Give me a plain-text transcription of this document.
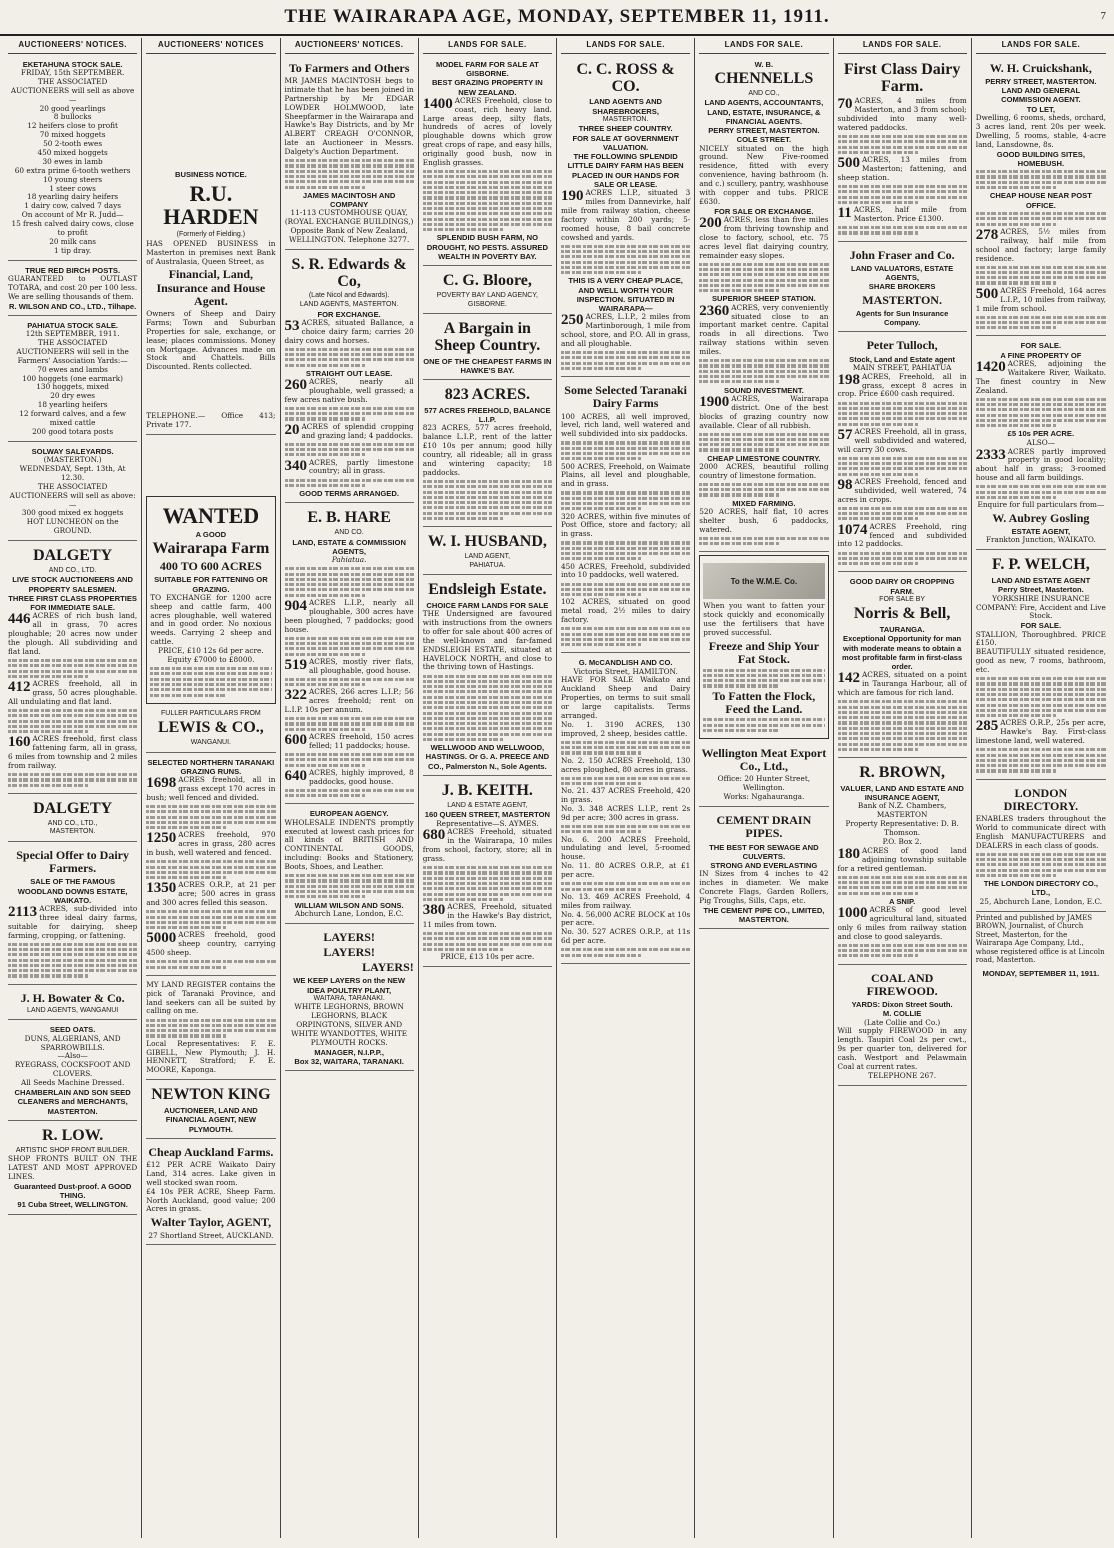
THE WAIRARAPA AGE, MONDAY, SEPTEMBER 11, 1911.	7
AUCTIONEERS' NOTICES.
EKETAHUNA STOCK SALE.
FRIDAY, 15th SEPTEMBER.
THE ASSOCIATED AUCTIONEERS will sell as above—
20 good yearlings
8 bullocks
12 heifers close to profit
70 mixed hoggets
50 2-tooth ewes
450 mixed hoggets
30 ewes in lamb
60 extra prime 6-tooth wethers
10 young steers
1 steer cows
18 yearling dairy heifers
1 dairy cow, calved 7 days
On account of Mr R. Judd—
15 fresh calved dairy cows, close to profit
20 milk cans
1 tip dray.
TRUE RED BIRCH POSTS.
GUARANTEED to OUTLAST TOTARA, and cost 20 per 100 less. We are selling thousands of them.
R. WILSON AND CO., LTD., Tilhape.
PAHIATUA STOCK SALE.
12th SEPTEMBER, 1911.
THE ASSOCIATED AUCTIONEERS will sell in the Farmers' Association Yards:—
70 ewes and lambs
100 hoggets (one earmark)
130 hoggets, mixed
20 dry ewes
18 yearling heifers
12 forward calves, and a few mixed cattle
200 good totara posts
SOLWAY SALEYARDS.
(MASTERTON.)
WEDNESDAY, Sept. 13th, At 12.30.
THE ASSOCIATED AUCTIONEERS will sell as above:—
300 good mixed ex hoggets
HOT LUNCHEON on the GROUND.
DALGETY
AND CO., LTD.
LIVE STOCK AUCTIONEERS AND PROPERTY SALESMEN.
THREE FIRST CLASS PROPERTIES FOR IMMEDIATE SALE.
446 ACRES of rich bush land, all in grass, 70 acres ploughable; 20 acres now under the plough. All subdividing and flat land.
412 ACRES freehold, all in grass, 50 acres ploughable. All undulating and flat land.
160 ACRES freehold, first class fattening farm, all in grass, 6 miles from township and 2 miles from railway.
DALGETY
AND CO., LTD.,
MASTERTON.
Special Offer to Dairy Farmers.
SALE OF THE FAMOUS WOODLAND DOWNS ESTATE, WAIKATO.
2113 ACRES, sub-divided into three ideal dairy farms, suitable for dairying, sheep farming, cropping, or fattening.
J. H. Bowater & Co.
LAND AGENTS, WANGANUI
SEED OATS.
DUNS, ALGERIANS, AND SPARROWBILLS.
—Also—
RYEGRASS, COCKSFOOT AND CLOVERS.
All Seeds Machine Dressed.
CHAMBERLAIN AND SON SEED CLEANERS and MERCHANTS, MASTERTON.
R. LOW.
ARTISTIC SHOP FRONT BUILDER.
SHOP FRONTS BUILT ON THE LATEST AND MOST APPROVED LINES.
Guaranteed Dust-proof. A GOOD THING.
91 Cuba Street, WELLINGTON.
AUCTIONEERS' NOTICES
BUSINESS NOTICE.
R.U. HARDEN
(Formerly of Fielding.)
HAS OPENED BUSINESS in Masterton in premises next Bank of Australasia, Queen Street, as
Financial, Land, Insurance and House Agent.
Owners of Sheep and Dairy Farms; Town and Suburban Properties for sale, exchange, or lease; places commissions. Money on Mortgage. Advances made on Stock and Chattels. Bills Discounted. Rents collected.
TELEPHONE.— Office 413; Private 177.
WANTED
A GOOD
Wairarapa Farm
400 TO 600 ACRES
SUITABLE FOR FATTENING OR GRAZING.
TO EXCHANGE for 1200 acre sheep and cattle farm, 400 acres ploughable, well watered and in good order. No noxious weeds. Carrying 2 sheep and cattle.
PRICE, £10 12s 6d per acre.
Equity £7000 to £8000.
FULLER PARTICULARS FROM
LEWIS & CO.,
WANGANUI.
SELECTED NORTHERN TARANAKI GRAZING RUNS.
1698 ACRES freehold, all in grass except 170 acres in bush; well fenced and divided.
1250 ACRES freehold, 970 acres in grass, 280 acres in bush, well watered and fenced.
1350 ACRES O.R.P., at 21 per acre; 500 acres in grass and 300 acres felled this season.
5000 ACRES freehold, good sheep country, carrying 4500 sheep.
MY LAND REGISTER contains the pick of Taranaki Province, and land seekers can all be suited by calling on me.
Local Representatives: F. E. GIBELL, New Plymouth; J. H. HENNETT, Stratford; F. E. MOORE, Kaponga.
NEWTON KING
AUCTIONEER, LAND AND FINANCIAL AGENT, NEW PLYMOUTH.
Cheap Auckland Farms.
£12 PER ACRE Waikato Dairy Land, 314 acres. Lake given in well stocked swan room.
£4 10s PER ACRE, Sheep Farm. North Auckland, good value; 200 Acres in grass.
Walter Taylor, AGENT,
27 Shortland Street, AUCKLAND.
AUCTIONEERS' NOTICES.
To Farmers and Others
MR JAMES MACINTOSH begs to intimate that he has been joined in Partnership by Mr EDGAR LOWDER HOLMWOOD, late Sheepfarmer in the Wairarapa and Hawke's Bay Districts, and by Mr ALBERT CREAGH O'CONNOR, late an Auctioneer in Messrs. Dalgety's Auction Department.
JAMES MACINTOSH AND COMPANY
11-113 CUSTOMHOUSE QUAY, (ROYAL EXCHANGE BUILDINGS,) Opposite Bank of New Zealand, WELLINGTON. Telephone 3277.
S. R. Edwards & Co,
(Late Nicol and Edwards).
LAND AGENTS, MASTERTON.
FOR EXCHANGE.
53 ACRES, situated Ballance, a choice dairy farm; carries 20 dairy cows and horses.
STRAIGHT OUT LEASE.
260 ACRES, nearly all ploughable, well grassed; a few acres native bush.
20 ACRES of splendid cropping and grazing land; 4 paddocks.
340 ACRES, partly limestone country; all in grass.
GOOD TERMS ARRANGED.
E. B. HARE
AND CO.
LAND, ESTATE & COMMISSION AGENTS,
Pahiatua.
904 ACRES L.I.P., nearly all ploughable, 300 acres have been ploughed, 7 paddocks; good house.
519 ACRES, mostly river flats, all ploughable, good house.
322 ACRES, 266 acres L.I.P.; 56 acres freehold; rent on L.I.P. 10s per annum.
600 ACRES freehold, 150 acres felled; 11 paddocks; house.
640 ACRES, highly improved, 8 paddocks, good house.
EUROPEAN AGENCY.
WHOLESALE INDENTS promptly executed at lowest cash prices for all kinds of BRITISH AND CONTINENTAL GOODS, including: Books and Stationery, Boots, Shoes, and Leather.
WILLIAM WILSON AND SONS.
Abchurch Lane, London, E.C.
LAYERS!
LAYERS!
LAYERS!
WE KEEP LAYERS on the NEW IDEA POULTRY PLANT,
WAITARA, TARANAKI.
WHITE LEGHORNS, BROWN LEGHORNS, BLACK ORPINGTONS, SILVER AND WHITE WYANDOTTES, WHITE PLYMOUTH ROCKS.
MANAGER, N.I.P.P.,
Box 32, WAITARA, TARANAKI.
LANDS FOR SALE.
MODEL FARM FOR SALE AT GISBORNE.
BEST GRAZING PROPERTY IN NEW ZEALAND.
1400 ACRES Freehold, close to coast, rich heavy land. Large areas deep, silty flats, hundreds of acres of lovely ploughable downs which grow great crops of rape, and easy hills, originally good bush, now in English grasses.
SPLENDID BUSH FARM, NO DROUGHT, NO PESTS. ASSURED WEALTH IN POVERTY BAY.
C. G. Bloore,
POVERTY BAY LAND AGENCY,
GISBORNE.
A Bargain in Sheep Country.
ONE OF THE CHEAPEST FARMS IN HAWKE'S BAY.
823 ACRES.
577 ACRES FREEHOLD, BALANCE L.I.P.
823 ACRES, 577 acres freehold, balance L.I.P., rent of the latter £10 10s per annum; good hilly country, all rideable; all in grass and wintering capacity; 18 paddocks.
W. I. HUSBAND,
LAND AGENT,
PAHIATUA.
Endsleigh Estate.
CHOICE FARM LANDS FOR SALE
THE Undersigned are favoured with instructions from the owners to offer for sale about 400 acres of the well-known and far-famed ENDSLEIGH ESTATE, situated at HAVELOCK NORTH, and close to the thriving town of Hastings.
WELLWOOD AND WELLWOOD, HASTINGS. Or G. A. PREECE AND CO., Palmerston N., Sole Agents.
J. B. KEITH.
LAND & ESTATE AGENT,
160 QUEEN STREET, MASTERTON
Representative—S. AYMES.
680 ACRES Freehold, situated in the Wairarapa, 10 miles from school, factory, store; all in grass.
380 ACRES, Freehold, situated in the Hawke's Bay district, 11 miles from town.
PRICE, £13 10s per acre.
LANDS FOR SALE.
C. C. ROSS & CO.
LAND AGENTS AND SHAREBROKERS,
MASTERTON.
THREE SHEEP COUNTRY.
FOR SALE AT GOVERNMENT VALUATION.
THE FOLLOWING SPLENDID LITTLE DAIRY FARM HAS BEEN PLACED IN OUR HANDS FOR SALE OR LEASE.
190 ACRES L.I.P., situated 3 miles from Dannevirke, half mile from railway station, cheese factory within 200 yards; 5-roomed house, 8 bail concrete cowshed and yards.
THIS IS A VERY CHEAP PLACE, AND WELL WORTH YOUR INSPECTION. SITUATED IN WAIRARAPA—
250 ACRES, L.I.P., 2 miles from Martinborough, 1 mile from school, store, and P.O. All in grass, and all ploughable.
Some Selected Taranaki Dairy Farms
100 ACRES, all well improved, level, rich land, well watered and well subdivided into six paddocks.
500 ACRES, Freehold, on Waimate Plains, all level and ploughable, and in grass.
320 ACRES, within five minutes of Post Office, store and factory; all in grass.
450 ACRES, Freehold, subdivided into 10 paddocks, well watered.
102 ACRES, situated on good metal road, 2½ miles to dairy factory.
G. McCANDLISH AND CO.
Victoria Street, HAMILTON.
HAVE FOR SALE Waikato and Auckland Sheep and Dairy Properties, on terms to suit small or large capitalists. Terms arranged.
No. 1. 3190 ACRES, 130 improved, 2 sheep, besides cattle.
No. 2. 150 ACRES Freehold, 130 acres ploughed, 80 acres in grass.
No. 21. 437 ACRES Freehold, 420 in grass.
No. 3. 348 ACRES L.I.P., rent 2s 9d per acre; 300 acres in grass.
No. 6. 200 ACRES Freehold, undulating and level, 5-roomed house.
No. 11. 80 ACRES O.R.P., at £1 per acre.
No. 13. 469 ACRES Freehold, 4 miles from railway.
No. 4. 56,000 ACRE BLOCK at 10s per acre.
No. 30. 527 ACRES O.R.P., at 11s 6d per acre.
LANDS FOR SALE.
W. B.
CHENNELLS
AND CO.,
LAND AGENTS, ACCOUNTANTS, LAND, ESTATE, INSURANCE, & FINANCIAL AGENTS.
PERRY STREET, MASTERTON.
COLE STREET.
NICELY situated on the high ground. New Five-roomed residence, fitted with every convenience, having bathroom (h. and c.) scullery, pantry, washhouse with copper and tubs. PRICE £630.
FOR SALE OR EXCHANGE.
200 ACRES, less than five miles from thriving township and close to factory, school, etc. 75 acres level flat dairying country, remainder easy slopes.
SUPERIOR SHEEP STATION.
2360 ACRES, very conveniently situated close to an important market centre. Capital roads in all directions. Two railway stations within seven miles.
SOUND INVESTMENT.
1900 ACRES, Wairarapa district. One of the best blocks of grazing country now available. Clear of all rubbish.
CHEAP LIMESTONE COUNTRY.
2000 ACRES, beautiful rolling country of limestone formation.
MIXED FARMING.
520 ACRES, half flat, 10 acres shelter bush, 6 paddocks, watered.
To the W.M.E. Co.
When you want to fatten your stock quickly and economically use the fertilisers that have proved successful.
Freeze and Ship Your Fat Stock.
To Fatten the Flock, Feed the Land.
Wellington Meat Export Co., Ltd.,
Office: 20 Hunter Street, Wellington.
Works: Ngahauranga.
CEMENT DRAIN PIPES.
THE BEST FOR SEWAGE AND CULVERTS.
STRONG AND EVERLASTING
IN Sizes from 4 inches to 42 inches in diameter. We make Concrete Flags, Garden Rollers, Pig Troughs, Sills, Caps, etc.
THE CEMENT PIPE CO., LIMITED, MASTERTON.
LANDS FOR SALE.
First Class Dairy Farm.
70 ACRES, 4 miles from Masterton, and 3 from school; subdivided into many well-watered paddocks.
500 ACRES, 13 miles from Masterton; fattening, and sheep station.
11 ACRES, half mile from Masterton. Price £1300.
John Fraser and Co.
LAND VALUATORS, ESTATE AGENTS,
SHARE BROKERS
MASTERTON.
Agents for Sun Insurance Company.
Peter Tulloch,
Stock, Land and Estate agent
MAIN STREET, PAHIATUA
198 ACRES, Freehold, all in grass, except 8 acres in crop. Price £600 cash required.
57 ACRES Freehold, all in grass, well subdivided and watered, will carry 30 cows.
98 ACRES Freehold, fenced and subdivided, well watered, 74 acres in crops.
1074 ACRES Freehold, ring fenced and subdivided into 12 paddocks.
GOOD DAIRY OR CROPPING FARM.
FOR SALE BY
Norris & Bell,
TAURANGA.
Exceptional Opportunity for man with moderate means to obtain a most profitable farm in first-class order.
142 ACRES, situated on a point in Tauranga Harbour, all of which are famous for rich land.
R. BROWN,
VALUER, LAND AND ESTATE AND INSURANCE AGENT,
Bank of N.Z. Chambers, MASTERTON
Property Representative: D. B. Thomson.
P.O. Box 2.
180 ACRES of good land adjoining township suitable for a retired gentleman.
A SNIP.
1000 ACRES of good level agricultural land, situated only 6 miles from railway station and close to good saleyards.
COAL AND FIREWOOD.
YARDS: Dixon Street South.
M. COLLIE
(Late Collie and Co.)
Will supply FIREWOOD in any length. Taupiri Coal 2s per cwt., 9s per quarter ton, delivered for cash. Westport and Pelawmain Coal at current rates.
TELEPHONE 267.
LANDS FOR SALE.
W. H. Cruickshank,
PERRY STREET, MASTERTON.
LAND AND GENERAL COMMISSION AGENT.
TO LET,
Dwelling, 6 rooms, sheds, orchard, 3 acres land, rent 20s per week. Dwelling, 5 rooms, stable, 4-acre land, Lansdowne, 8s.
GOOD BUILDING SITES, HOMEBUSH.
CHEAP HOUSE NEAR POST OFFICE.
278 ACRES, 5½ miles from railway, half mile from school and factory; large family residence.
500 ACRES Freehold, 164 acres L.I.P., 10 miles from railway, 1 mile from school.
FOR SALE.
A FINE PROPERTY OF
1420 ACRES, adjoining the Waitakere River, Waikato. The finest country in New Zealand.
£5 10s PER ACRE.
ALSO—
2333 ACRES partly improved property in good locality; about half in grass; 3-roomed house and all farm buildings.
Enquire for full particulars from—
W. Aubrey Gosling
ESTATE AGENT,
Frankton Junction, WAIKATO.
F. P. WELCH,
LAND AND ESTATE AGENT
Perry Street, Masterton.
YORKSHIRE INSURANCE COMPANY: Fire, Accident and Live Stock.
FOR SALE.
STALLION, Thoroughbred. PRICE £150.
BEAUTIFULLY situated residence, good as new, 7 rooms, bathroom, etc.
285 ACRES O.R.P., 25s per acre, Hawke's Bay. First-class limestone land, well watered.
LONDON DIRECTORY.
ENABLES traders throughout the World to communicate direct with English MANUFACTURERS and DEALERS in each class of goods.
THE LONDON DIRECTORY CO., LTD.,
25, Abchurch Lane, London, E.C.
Printed and published by JAMES BROWN, Journalist, of Church Street, Masterton, for the Wairarapa Age Company, Ltd., whose registered office is at Lincoln road, Masterton.
MONDAY, SEPTEMBER 11, 1911.
